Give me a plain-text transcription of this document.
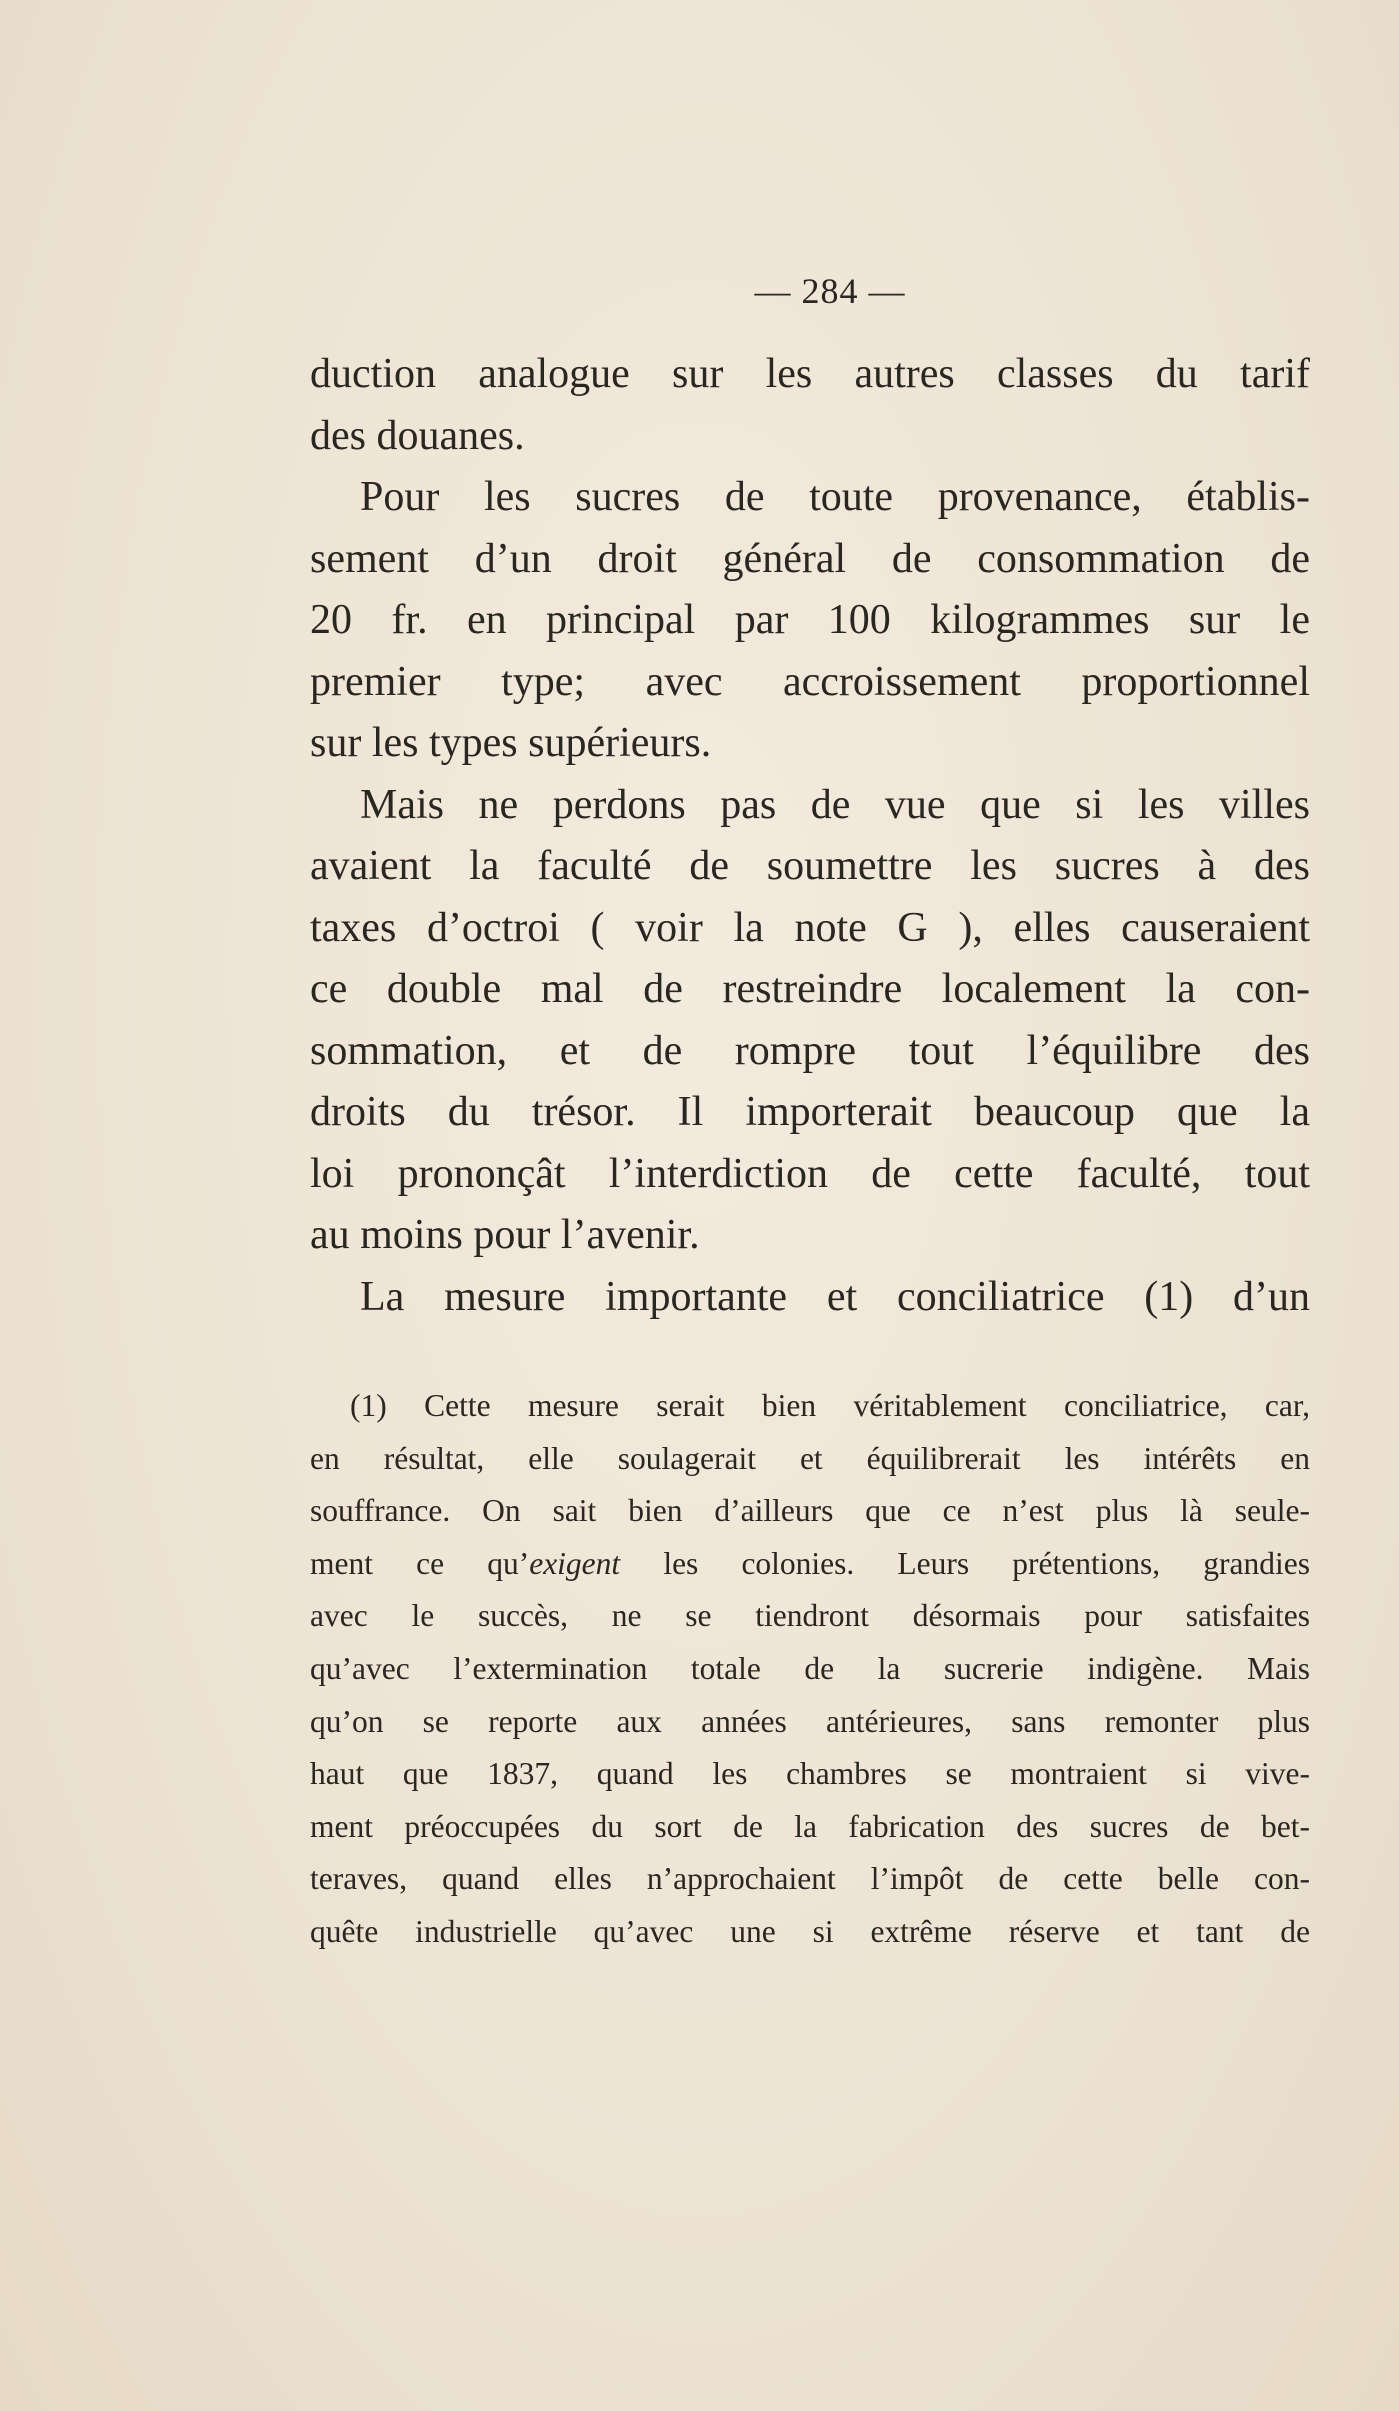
— 284 —
duction analogue sur les autres classes du tarif
des douanes.
Pour les sucres de toute provenance, établis-
sement d’un droit général de consommation de
20 fr. en principal par 100 kilogrammes sur le
premier type; avec accroissement proportionnel
sur les types supérieurs.
Mais ne perdons pas de vue que si les villes
avaient la faculté de soumettre les sucres à des
taxes d’octroi ( voir la note G ), elles causeraient
ce double mal de restreindre localement la con-
sommation, et de rompre tout l’équilibre des
droits du trésor. Il importerait beaucoup que la
loi prononçât l’interdiction de cette faculté, tout
au moins pour l’avenir.
La mesure importante et conciliatrice (1) d’un
(1) Cette mesure serait bien véritablement conciliatrice, car,
en résultat, elle soulagerait et équilibrerait les intérêts en
souffrance. On sait bien d’ailleurs que ce n’est plus là seule-
ment ce qu’exigent les colonies. Leurs prétentions, grandies
avec le succès, ne se tiendront désormais pour satisfaites
qu’avec l’extermination totale de la sucrerie indigène. Mais
qu’on se reporte aux années antérieures, sans remonter plus
haut que 1837, quand les chambres se montraient si vive-
ment préoccupées du sort de la fabrication des sucres de bet-
teraves, quand elles n’approchaient l’impôt de cette belle con-
quête industrielle qu’avec une si extrême réserve et tant de
